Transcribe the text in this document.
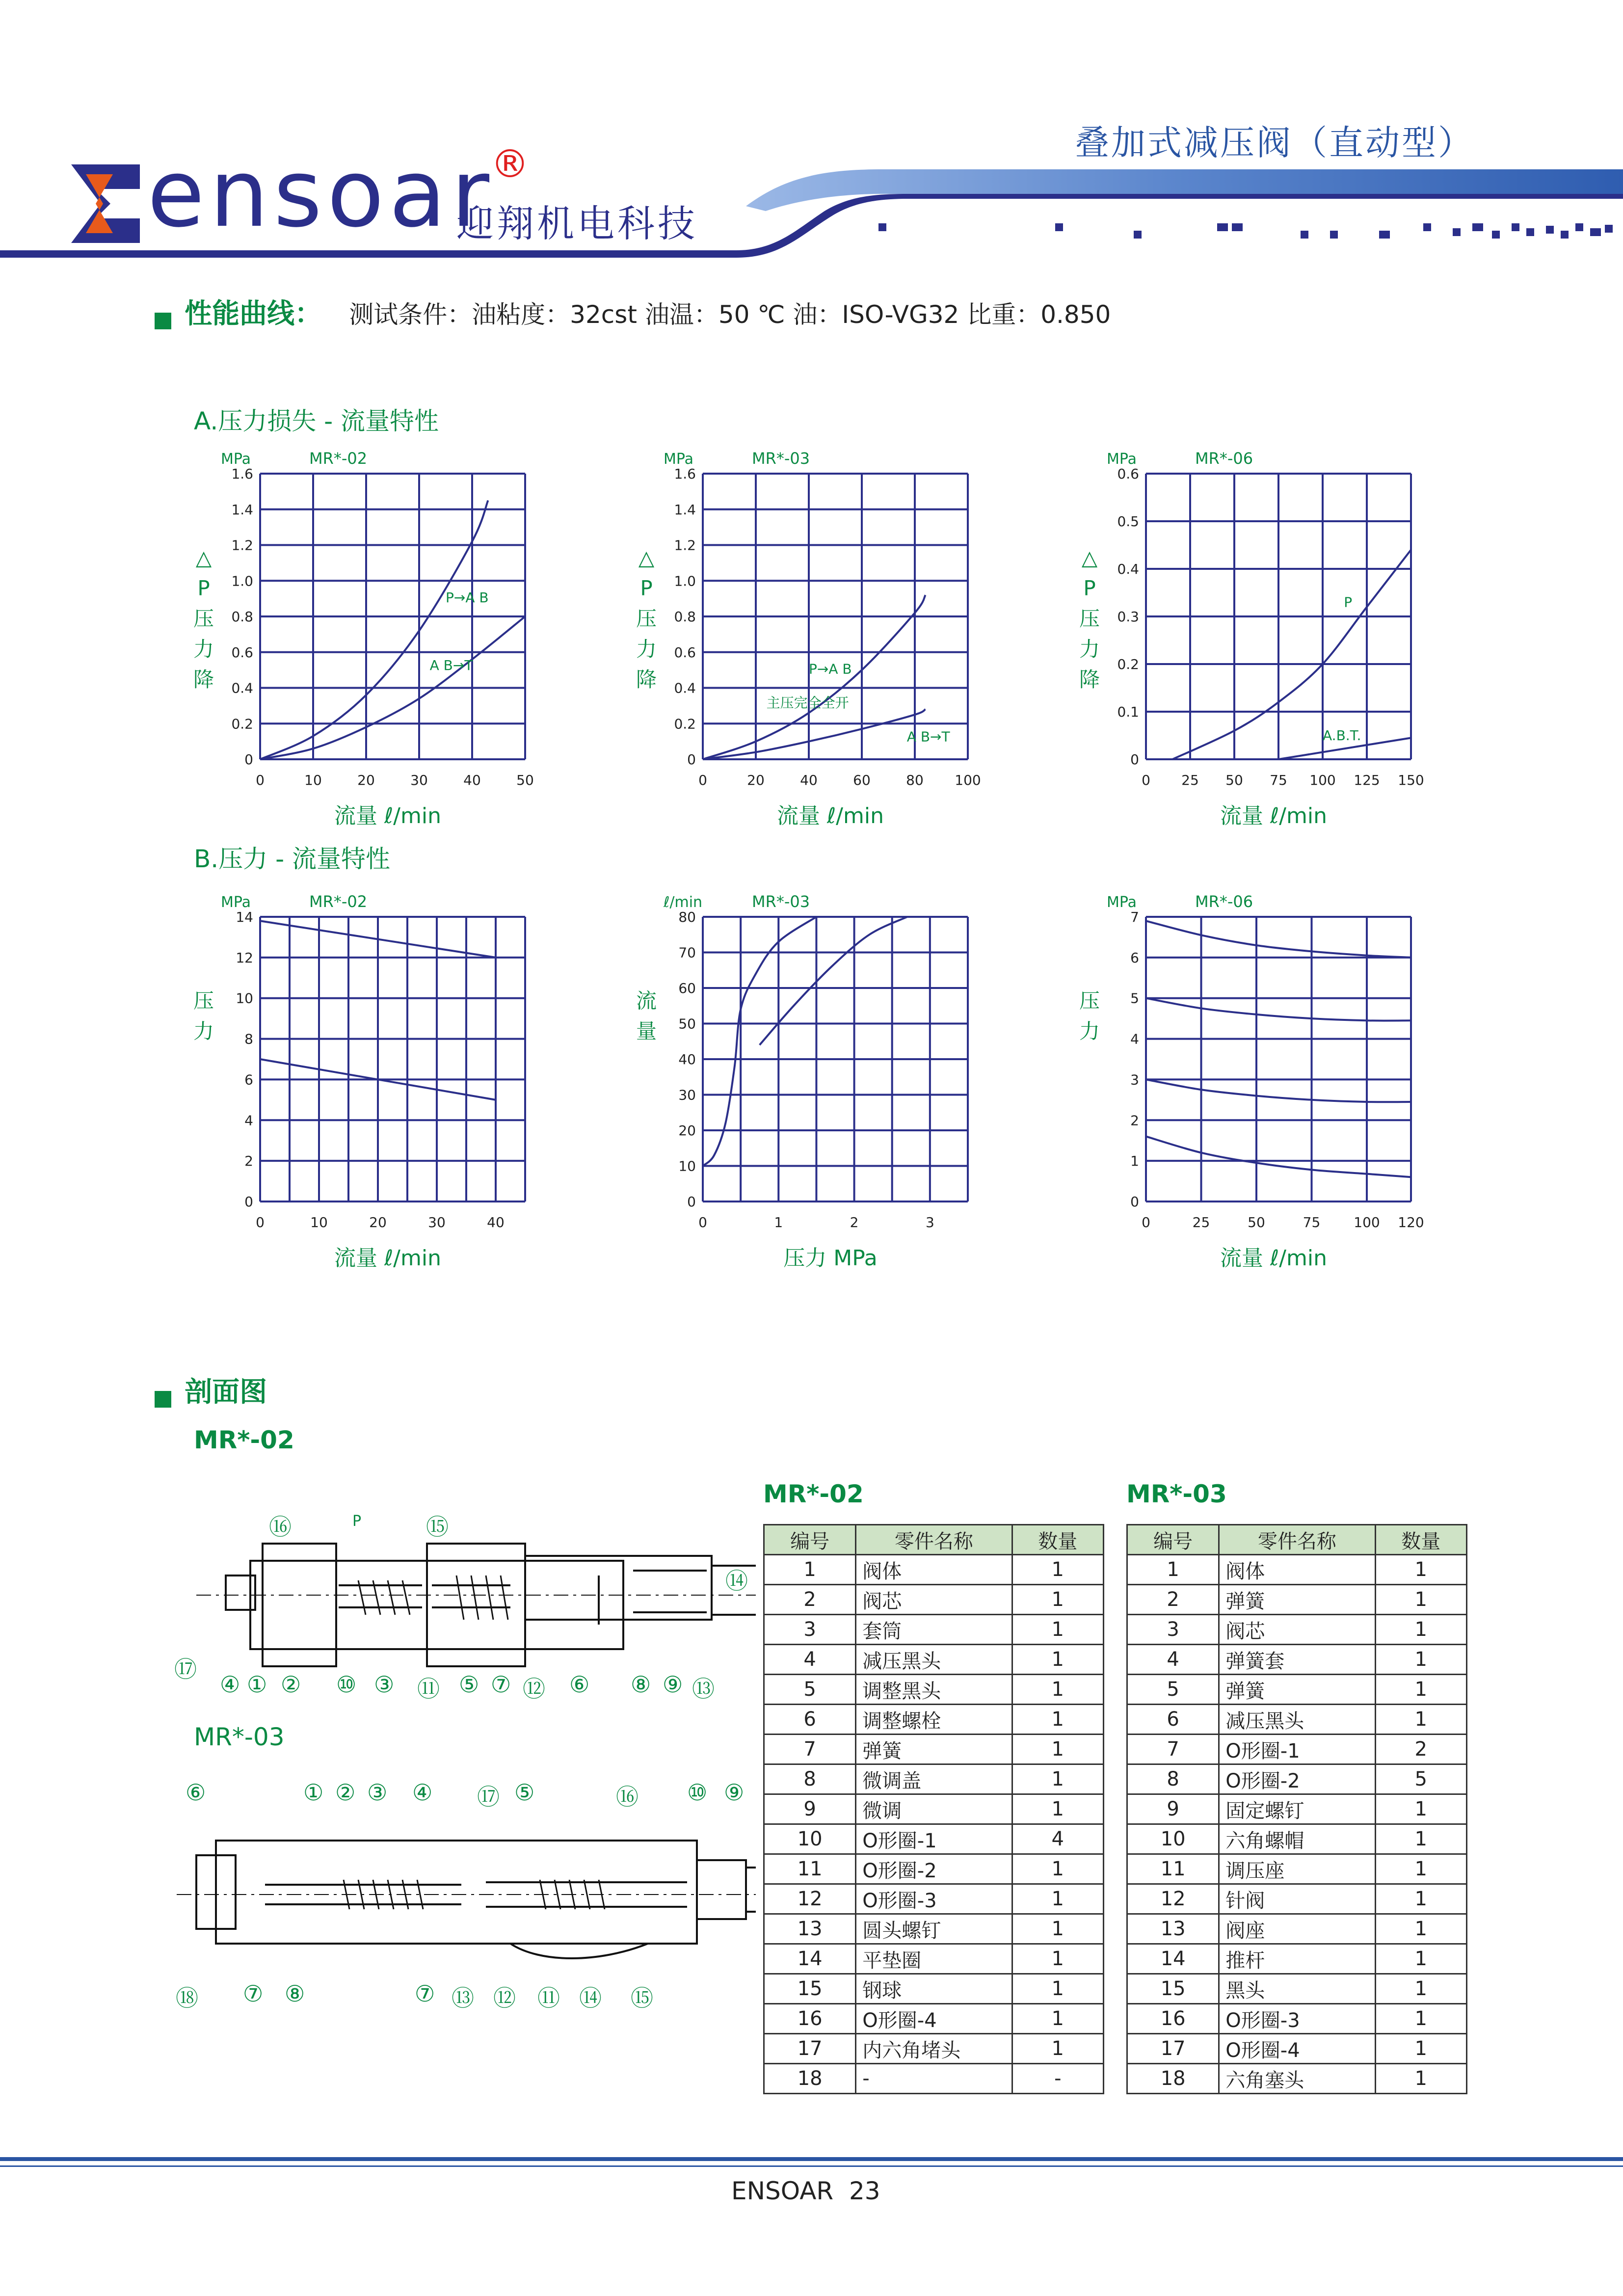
ensoar
®
迎翔机电科技
叠加式减压阀（直动型）
性能曲线： 测试条件：油粘度：32cst 油温：50 ℃ 油：ISO-VG32 比重：0.850
A.压力损失 - 流量特性
B.压力 - 流量特性
0	10	20	30	40	50
0
0.2
0.4
0.6
0.8
1.0
1.2
1.4
1.6
MR*-02
MPa
流量 ℓ/min
△
P
压
力
降
P→A B
A B→T
0	20	40	60	80 100
0
0.2
0.4
0.6
0.8
1.0
1.2
1.4
1.6
MR*-03
MPa
流量 ℓ/min
△
P
压
力
降	P→A B
A B→T
主压完全全开
0 25 50 75 100 125 150
0
0.1
0.2
0.3
0.4
0.5
0.6
MR*-06
MPa
流量 ℓ/min
△
P
压
力
降
P
A.B.T.
0	10	20	30	40
0
2
4
6
8
10
12
14
MR*-02
MPa
流量 ℓ/min
压
力
0	1	2	3
0
10
20
30
40
50
60
70
80
MR*-03
ℓ/min
压力 MPa
流
量
0	25	50	75 100 120
0
1
2
3
4
5
6
7
MR*-06
MPa
流量 ℓ/min
压
力
剖面图
MR*-02
MR*-03
P
⑯	⑮
⑭
⑰
④ ① ② ⑩ ③ ⑪ ⑤ ⑦ ⑫ ⑥ ⑧ ⑨ ⑬
⑥	① ② ③ ④ ⑰ ⑤	⑯ ⑩ ⑨
⑱ ⑦ ⑧	⑦ ⑬ ⑫ ⑪ ⑭ ⑮
MR*-02	MR*-03
编号	零件名称	数量
1	阀体	1
2	阀芯	1
3	套筒	1
4	减压黑头	1
5	调整黑头	1
6	调整螺栓	1
7	弹簧	1
8	微调盖	1
9	微调	1
10	O形圈-1	4
11	O形圈-2	1
12	O形圈-3	1
13	圆头螺钉	1
14	平垫圈	1
15	钢球	1
16	O形圈-4	1
17	内六角堵头	1
18	-	-
编号	零件名称	数量
1	阀体	1
2	弹簧	1
3	阀芯	1
4	弹簧套	1
5	弹簧	1
6	减压黑头	1
7	O形圈-1	2
8	O形圈-2	5
9	固定螺钉	1
10	六角螺帽	1
11	调压座	1
12	针阀	1
13	阀座	1
14	推杆	1
15	黑头	1
16	O形圈-3	1
17	O形圈-4	1
18	六角塞头	1
ENSOAR  23
